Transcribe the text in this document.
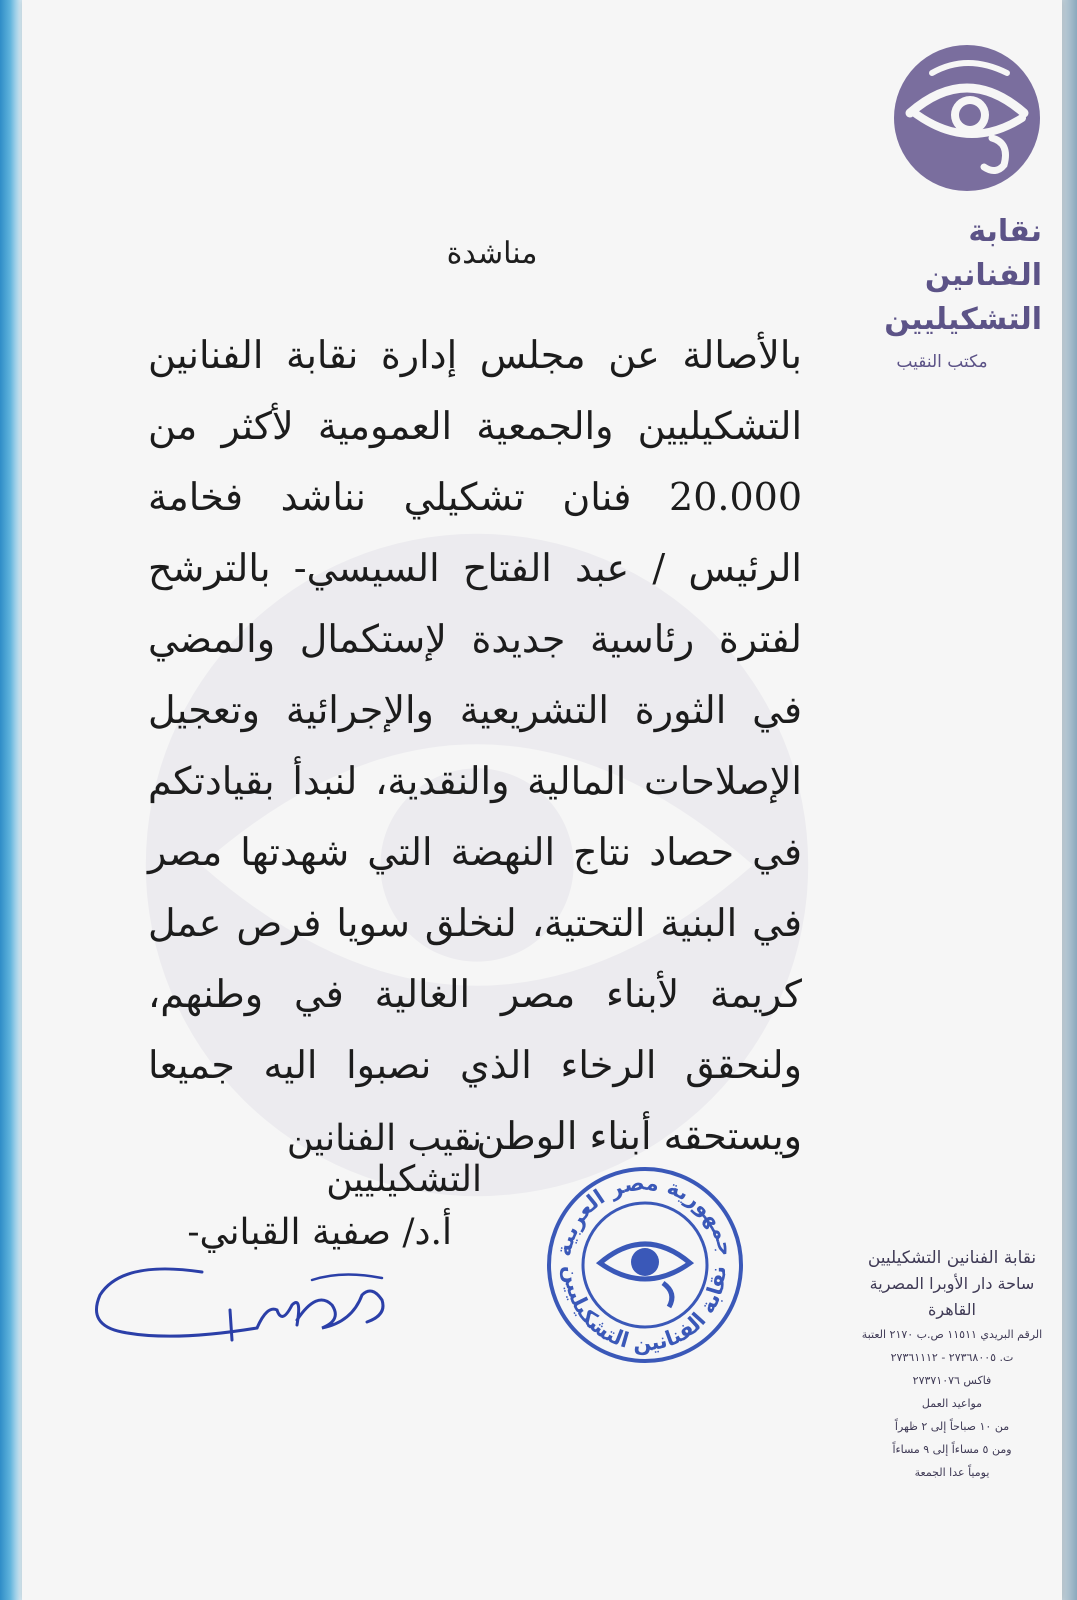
نقابة
الفنانين
التشكيليين
مكتب النقيب
مناشدة
بالأصالة عن مجلس إدارة نقابة الفنانين التشكيليين والجمعية العمومية لأكثر من 20.000 فنان تشكيلي نناشد فخامة الرئيس / عبد الفتاح السيسي- بالترشح لفترة رئاسية جديدة لإستكمال والمضي في الثورة التشريعية والإجرائية وتعجيل الإصلاحات المالية والنقدية، لنبدأ بقيادتكم في حصاد نتاج النهضة التي شهدتها مصر في البنية التحتية، لنخلق سويا فرص عمل كريمة لأبناء مصر الغالية في وطنهم، ولنحقق الرخاء الذي نصبوا اليه جميعا ويستحقه أبناء الوطن.
نقيب الفنانين التشكيليين
أ.د/ صفية القباني-	جمهورية مصر العربية
نقابة الفنانين التشكيليين
نقابة الفنانين التشكيليين
ساحة دار الأوبرا المصرية
القاهرة
الرقم البريدي ١١٥١١ ص.ب ٢١٧٠ العتبة
ت. ٢٧٣٦٨٠٠٥ - ٢٧٣٦١١١٢
فاكس ٢٧٣٧١٠٧٦
مواعيد العمل
من ١٠ صباحاً إلى ٢ ظهراً
ومن ٥ مساءاً إلى ٩ مساءاً
يومياً عدا الجمعة
